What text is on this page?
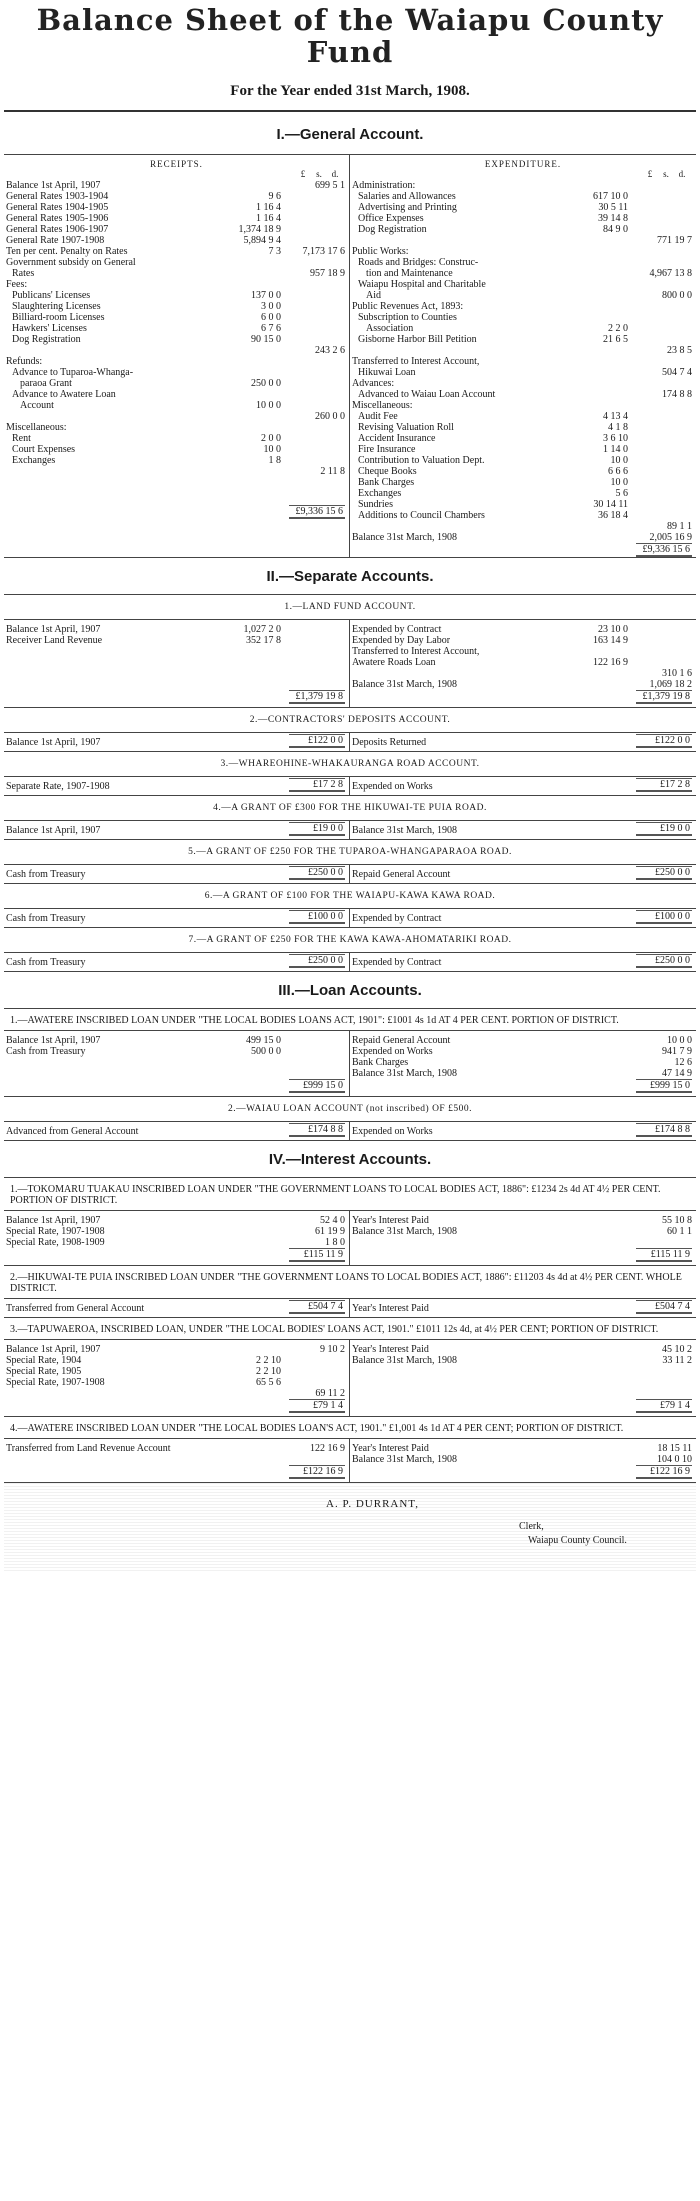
Balance Sheet of the Waiapu County Fund
For the Year ended 31st March, 1908.
I.—General Account.
RECEIPTS.
£	s.	d.
Balance 1st April, 1907	699 5 1
General Rates 1903-1904	9 6
General Rates 1904-1905	1 16 4
General Rates 1905-1906	1 16 4
General Rates 1906-1907	1,374 18 9
General Rate 1907-1908	5,894 9 4
Ten per cent. Penalty on Rates	7 3	7,173 17 6
Government subsidy on General
Rates	957 18 9
Fees:
Publicans' Licenses	137 0 0
Slaughtering Licenses	3 0 0
Billiard-room Licenses	6 0 0
Hawkers' Licenses	6 7 6
Dog Registration	90 15 0
243 2 6
Refunds:
Advance to Tuparoa-Whanga-
paraoa Grant	250 0 0
Advance to Awatere Loan
Account	10 0 0
260 0 0
Miscellaneous:
Rent	2 0 0
Court Expenses	10 0
Exchanges	1 8
2 11 8
£9,336 15 6
EXPENDITURE.
£	s.	d.
Administration:
Salaries and Allowances	617 10 0
Advertising and Printing	30 5 11
Office Expenses	39 14 8
Dog Registration	84 9 0
771 19 7
Public Works:
Roads and Bridges: Construc-
tion and Maintenance	4,967 13 8
Waiapu Hospital and Charitable
Aid	800 0 0
Public Revenues Act, 1893:
Subscription to Counties
Association	2 2 0
Gisborne Harbor Bill Petition	21 6 5
23 8 5
Transferred to Interest Account,
Hikuwai Loan	504 7 4
Advances:
Advanced to Waiau Loan Account	174 8 8
Miscellaneous:
Audit Fee	4 13 4
Revising Valuation Roll	4 1 8
Accident Insurance	3 6 10
Fire Insurance	1 14 0
Contribution to Valuation Dept.	10 0
Cheque Books	6 6 6
Bank Charges	10 0
Exchanges	5 6
Sundries	30 14 11
Additions to Council Chambers	36 18 4
89 1 1
Balance 31st March, 1908	2,005 16 9
£9,336 15 6
II.—Separate Accounts.
1.—LAND FUND ACCOUNT.
Balance 1st April, 1907	1,027 2 0
Receiver Land Revenue	352 17 8
£1,379 19 8
Expended by Contract	23 10 0
Expended by Day Labor	163 14 9
Transferred to Interest Account,
Awatere Roads Loan	122 16 9
310 1 6
Balance 31st March, 1908	1,069 18 2
£1,379 19 8
2.—CONTRACTORS' DEPOSITS ACCOUNT.
Balance 1st April, 1907	£122 0 0 Deposits Returned	£122 0 0
3.—WHAREOHINE-WHAKAURANGA ROAD ACCOUNT.
Separate Rate, 1907-1908	£17 2 8 Expended on Works	£17 2 8
4.—A GRANT OF £300 FOR THE HIKUWAI-TE PUIA ROAD.
Balance 1st April, 1907	£19 0 0 Balance 31st March, 1908	£19 0 0
5.—A GRANT OF £250 FOR THE TUPAROA-WHANGAPARAOA ROAD.
Cash from Treasury	£250 0 0 Repaid General Account	£250 0 0
6.—A GRANT OF £100 FOR THE WAIAPU-KAWA KAWA ROAD.
Cash from Treasury	£100 0 0 Expended by Contract	£100 0 0
7.—A GRANT OF £250 FOR THE KAWA KAWA-AHOMATARIKI ROAD.
Cash from Treasury	£250 0 0 Expended by Contract	£250 0 0
III.—Loan Accounts.
1.—AWATERE INSCRIBED LOAN UNDER "THE LOCAL BODIES LOANS ACT, 1901": £1001 4s 1d AT 4 PER CENT. PORTION OF DISTRICT.
Balance 1st April, 1907	499 15 0
Cash from Treasury	500 0 0
£999 15 0
Repaid General Account	10 0 0
Expended on Works	941 7 9
Bank Charges	12 6
Balance 31st March, 1908	47 14 9
£999 15 0
2.—WAIAU LOAN ACCOUNT (not inscribed) OF £500.
Advanced from General Account	£174 8 8 Expended on Works	£174 8 8
IV.—Interest Accounts.
1.—TOKOMARU TUAKAU INSCRIBED LOAN UNDER "THE GOVERNMENT LOANS TO LOCAL BODIES ACT, 1886": £1234 2s 4d AT 4½ PER CENT. PORTION OF DISTRICT.
Balance 1st April, 1907	52 4 0
Special Rate, 1907-1908	61 19 9
Special Rate, 1908-1909	1 8 0
£115 11 9
Year's Interest Paid	55 10 8
Balance 31st March, 1908	60 1 1
£115 11 9
2.—HIKUWAI-TE PUIA INSCRIBED LOAN UNDER "THE GOVERNMENT LOANS TO LOCAL BODIES ACT, 1886": £11203 4s 4d at 4½ PER CENT. WHOLE DISTRICT.
Transferred from General Account	£504 7 4 Year's Interest Paid	£504 7 4
3.—TAPUWAEROA, INSCRIBED LOAN, UNDER "THE LOCAL BODIES' LOANS ACT, 1901." £1011 12s 4d, at 4½ PER CENT; PORTION OF DISTRICT.
Balance 1st April, 1907	9 10 2
Special Rate, 1904	2 2 10
Special Rate, 1905	2 2 10
Special Rate, 1907-1908	65 5 6
69 11 2
£79 1 4
Year's Interest Paid	45 10 2
Balance 31st March, 1908	33 11 2
£79 1 4
4.—AWATERE INSCRIBED LOAN UNDER "THE LOCAL BODIES LOAN'S ACT, 1901." £1,001 4s 1d AT 4 PER CENT; PORTION OF DISTRICT.
Transferred from Land Revenue Account	122 16 9
£122 16 9
Year's Interest Paid	18 15 11
Balance 31st March, 1908	104 0 10
£122 16 9
A. P. DURRANT,
Clerk,
Waiapu County Council.
